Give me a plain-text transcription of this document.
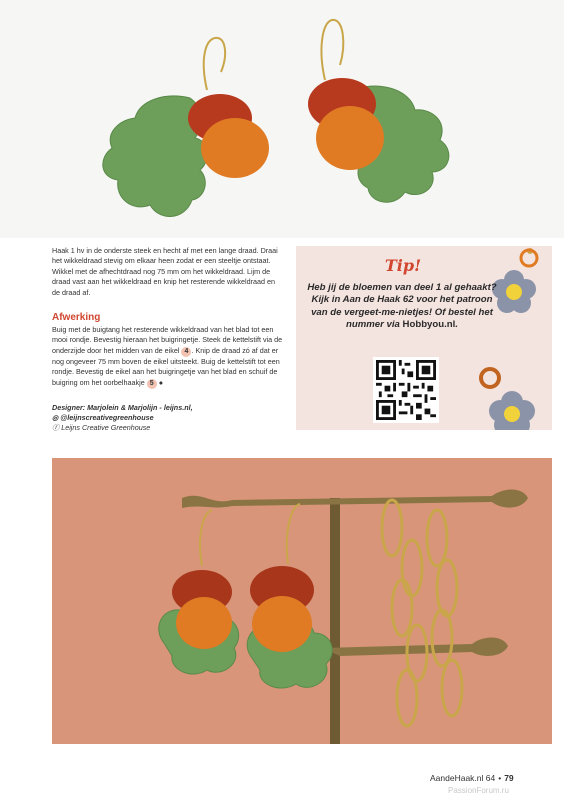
Haak 1 hv in de onderste steek en hecht af met een lange draad. Draai het wikkeldraad stevig om elkaar heen zodat er een steeltje ontstaat. Wikkel met de afhechtdraad nog 75 mm om het wikkeldraad. Lijm de draad vast aan het wikkeldraad en knip het resterende wikkeldraad en de draad af.

Afwerking
Buig met de buigtang het resterende wikkeldraad van het blad tot een mooi rondje. Bevestig hieraan het buigringetje. Steek de kettelstift via de onderzijde door het midden van de eikel 4 . Knip de draad zó af dat er nog ongeveer 75 mm boven de eikel uitsteekt. Buig de kettelstift tot een rondje. Bevestig de eikel aan het buigringetje van het blad en schuif de buigring om het oorbelhaakje 5 ●
Designer: Marjolein & Marjolijn - leijns.nl,
◎ @leijnscreativegreenhouse
ⓕ Leijns Creative Greenhouse
Tip!
Heb jij de bloemen van deel 1 al gehaakt? Kijk in Aan de Haak 62 voor het patroon van de vergeet-me-nietjes! Of bestel het nummer via Hobbyou.nl.
AandeHaak.nl 64 • 79
PassionForum.ru
